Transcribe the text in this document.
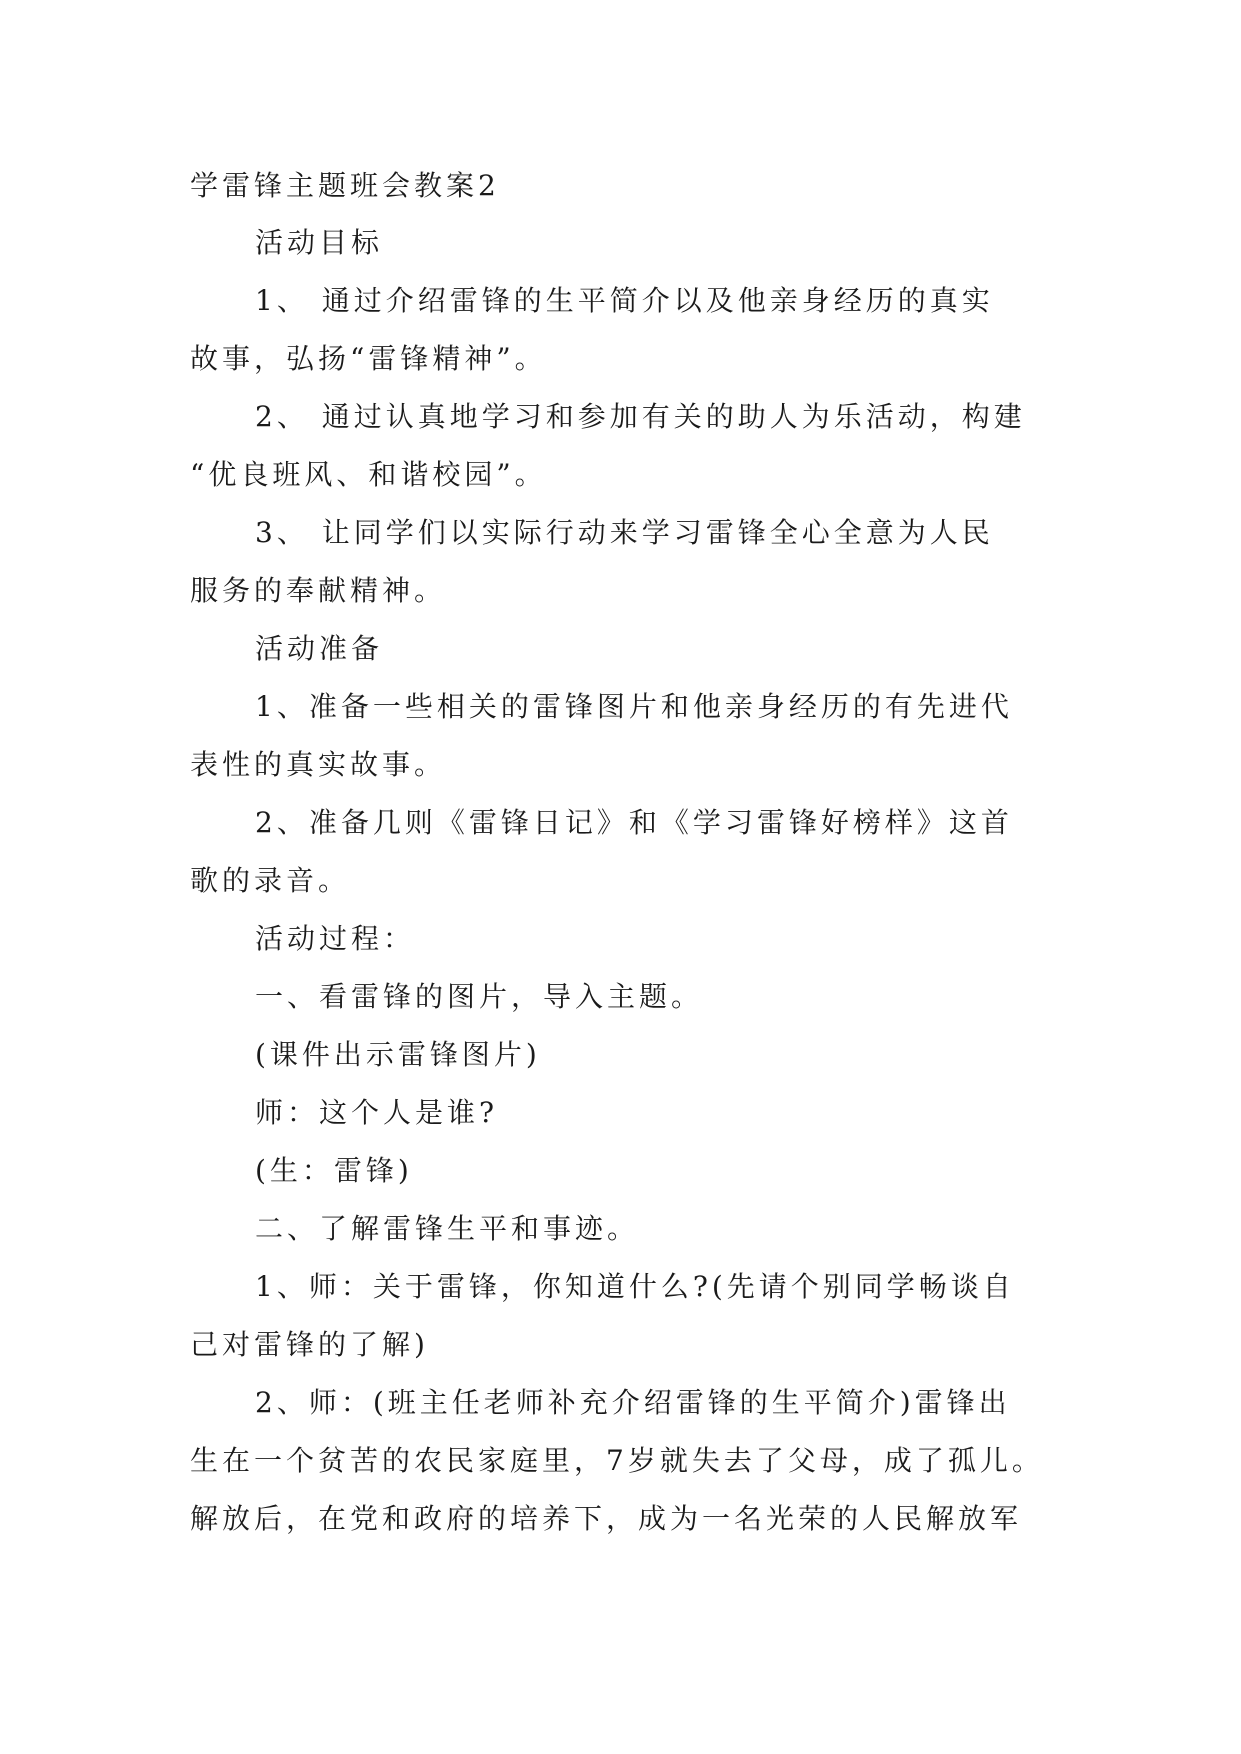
学雷锋主题班会教案2
活动目标
1、 通过介绍雷锋的生平简介以及他亲身经历的真实
故事，弘扬“雷锋精神”。
2、 通过认真地学习和参加有关的助人为乐活动，构建
“优良班风、和谐校园”。
3、 让同学们以实际行动来学习雷锋全心全意为人民
服务的奉献精神。
活动准备
1、准备一些相关的雷锋图片和他亲身经历的有先进代
表性的真实故事。
2、准备几则《雷锋日记》和《学习雷锋好榜样》这首
歌的录音。
活动过程：
一、看雷锋的图片，导入主题。
(课件出示雷锋图片)
师：这个人是谁?
(生：雷锋)
二、了解雷锋生平和事迹。
1、师：关于雷锋，你知道什么?(先请个别同学畅谈自
己对雷锋的了解)
2、师：(班主任老师补充介绍雷锋的生平简介)雷锋出
生在一个贫苦的农民家庭里，7岁就失去了父母，成了孤儿。
解放后，在党和政府的培养下，成为一名光荣的人民解放军
